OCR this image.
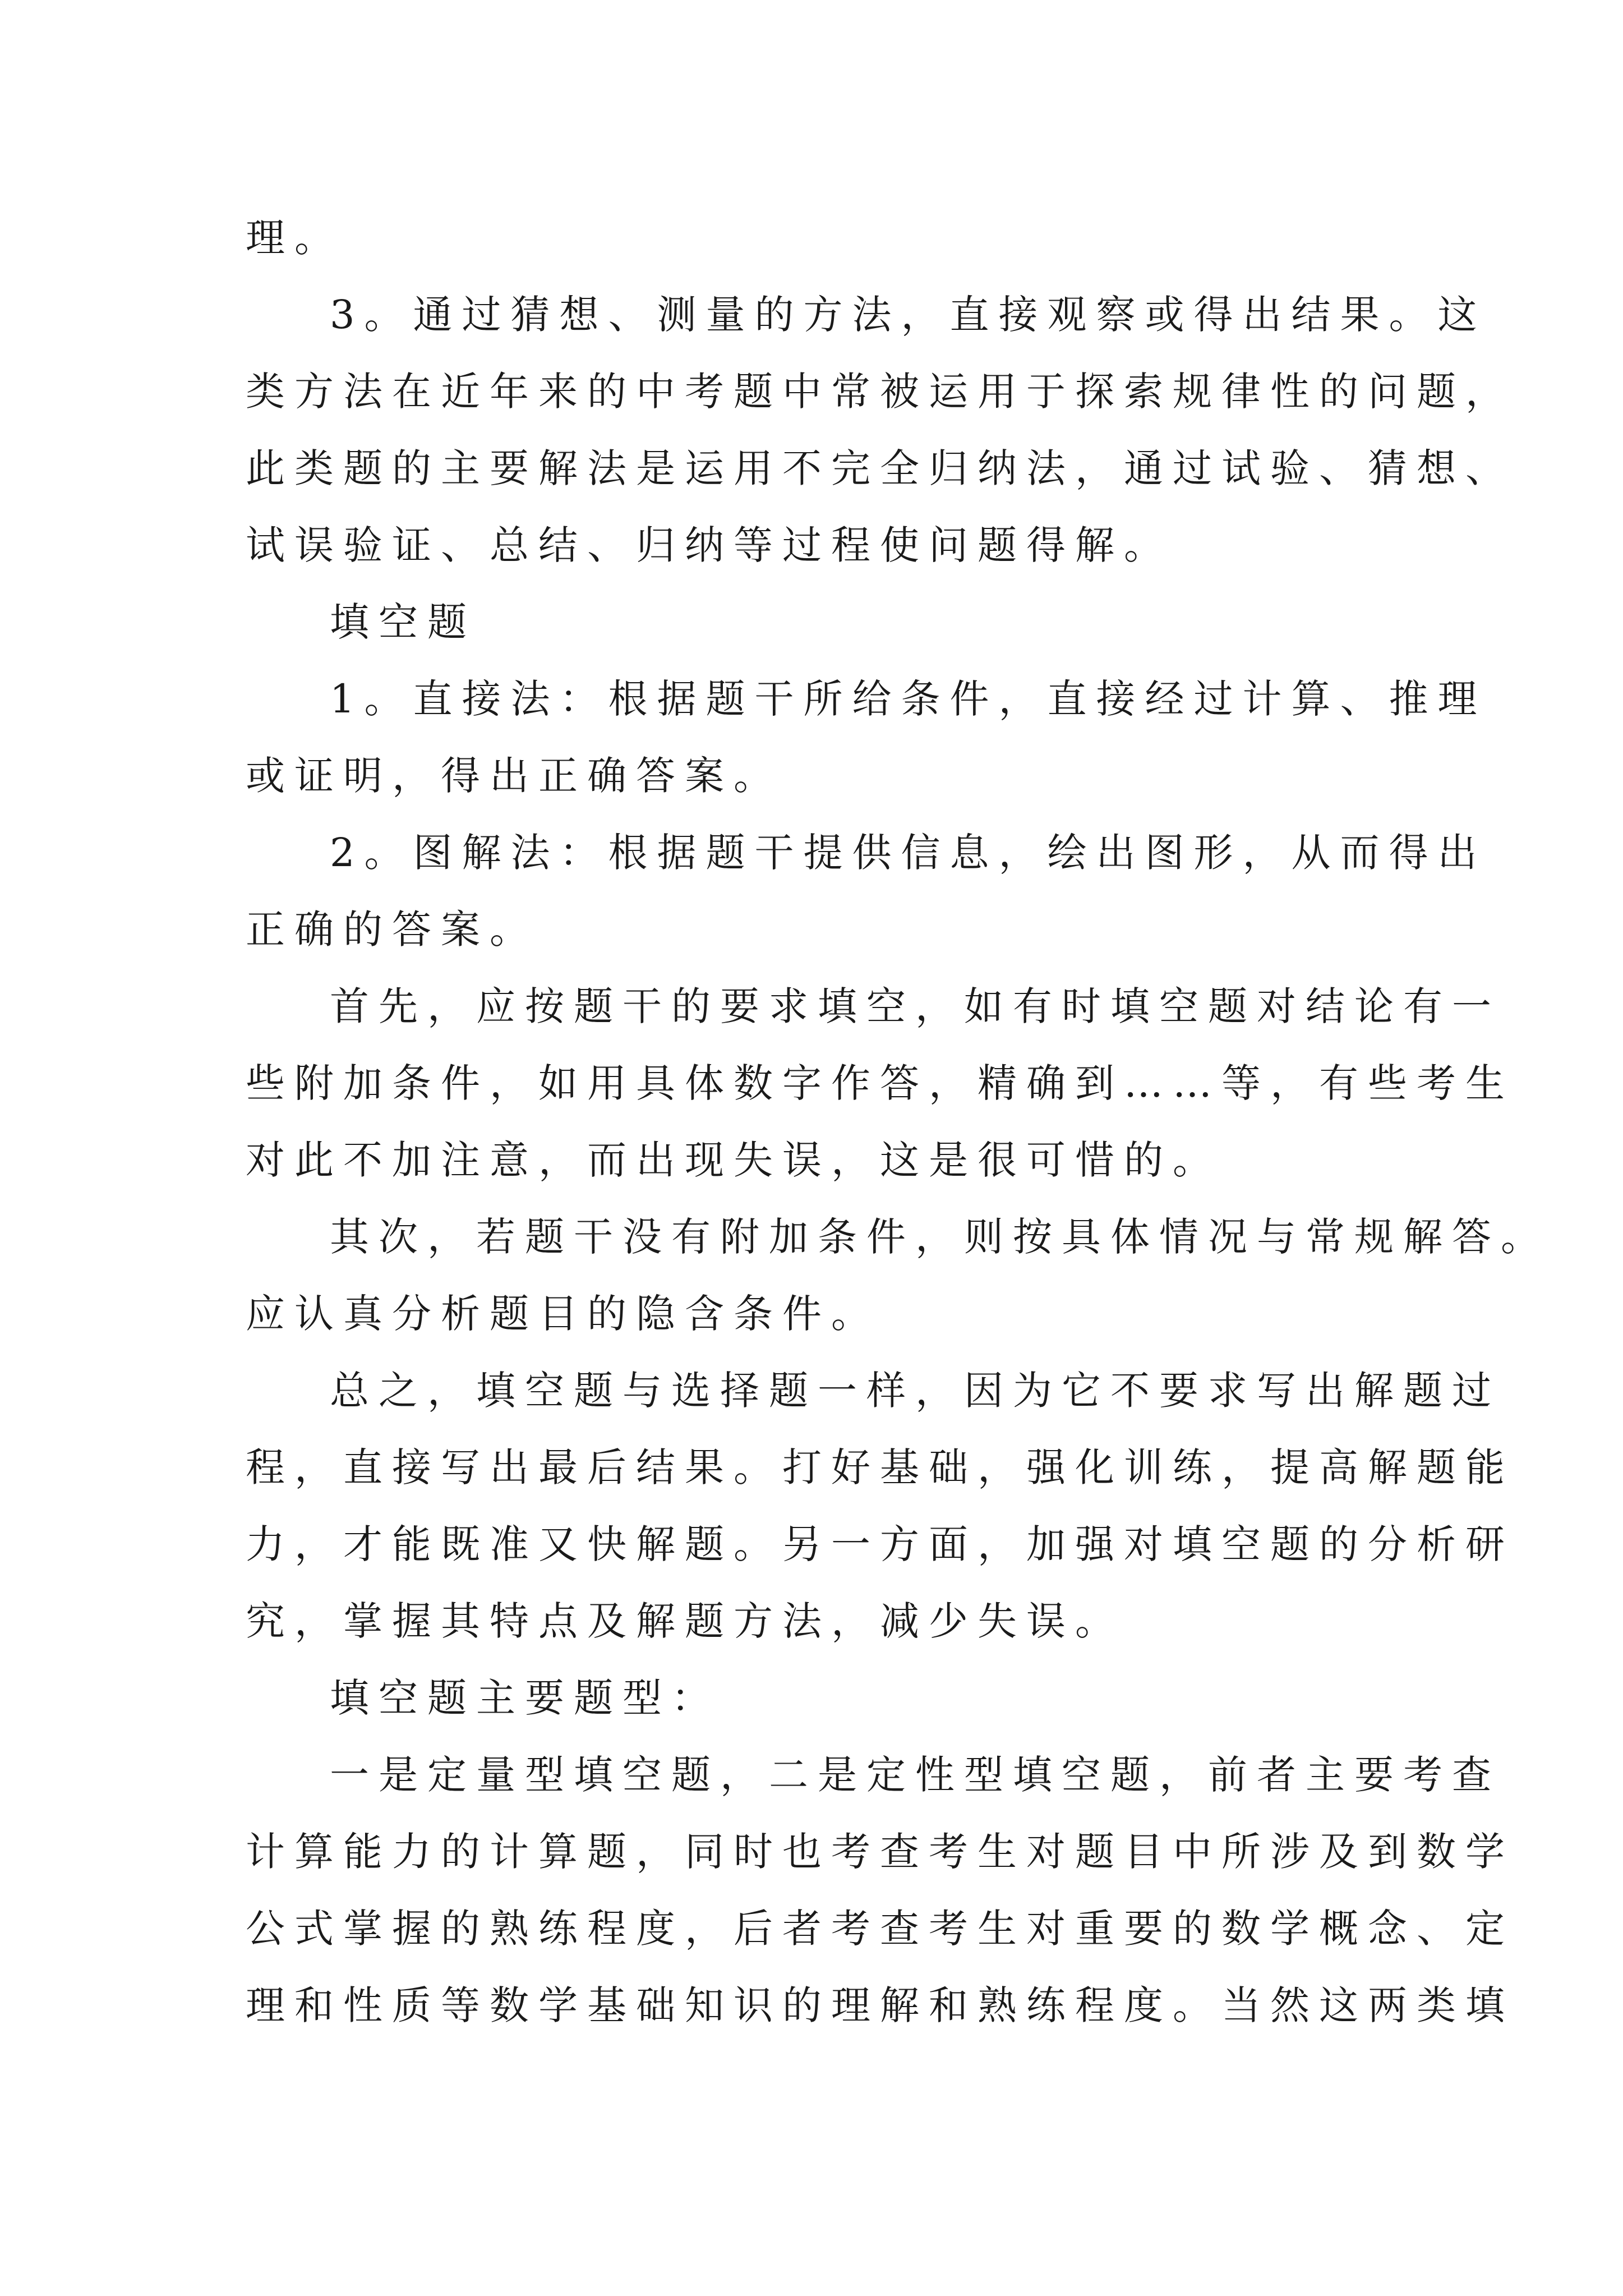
理。
3。通过猜想、测量的方法，直接观察或得出结果。这
类方法在近年来的中考题中常被运用于探索规律性的问题，
此类题的主要解法是运用不完全归纳法，通过试验、猜想、
试误验证、总结、归纳等过程使问题得解。
填空题
1。直接法：根据题干所给条件，直接经过计算、推理
或证明，得出正确答案。
2。图解法：根据题干提供信息，绘出图形，从而得出
正确的答案。
首先，应按题干的要求填空，如有时填空题对结论有一
些附加条件，如用具体数字作答，精确到……等，有些考生
对此不加注意，而出现失误，这是很可惜的。
其次，若题干没有附加条件，则按具体情况与常规解答。
应认真分析题目的隐含条件。
总之，填空题与选择题一样，因为它不要求写出解题过
程，直接写出最后结果。打好基础，强化训练，提高解题能
力，才能既准又快解题。另一方面，加强对填空题的分析研
究，掌握其特点及解题方法，减少失误。
填空题主要题型：
一是定量型填空题，二是定性型填空题，前者主要考查
计算能力的计算题，同时也考查考生对题目中所涉及到数学
公式掌握的熟练程度，后者考查考生对重要的数学概念、定
理和性质等数学基础知识的理解和熟练程度。当然这两类填
